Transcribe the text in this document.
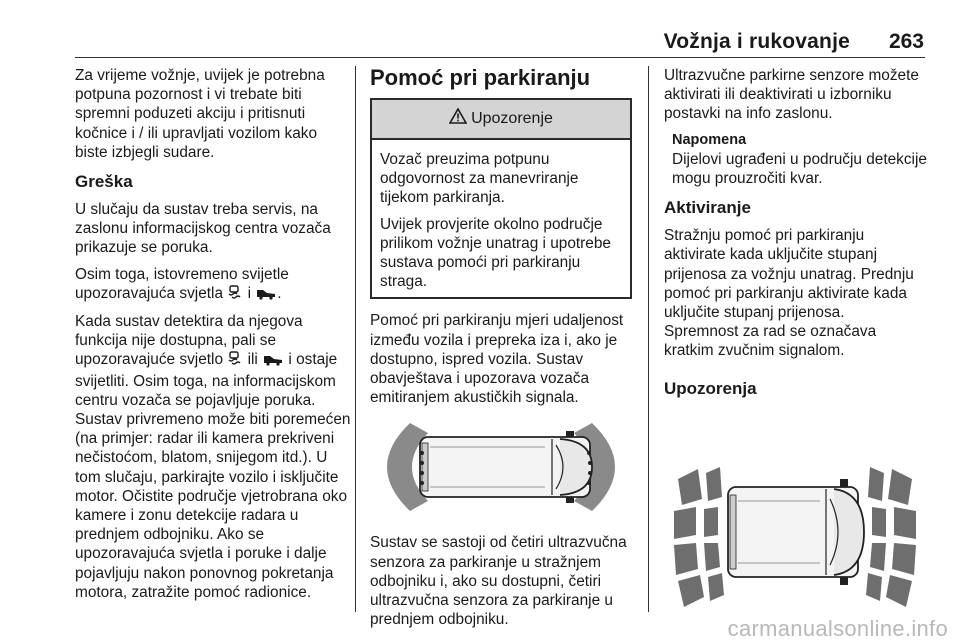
Vožnja i rukovanje 263

Za vrijeme vožnje, uvijek je potrebna potpuna pozornost i vi trebate biti spremni poduzeti akciju i pritisnuti kočnice i / ili upravljati vozilom kako biste izbjegli sudare.

Greška

U slučaju da sustav treba servis, na zaslonu informacijskog centra vozača prikazuje se poruka.

Osim toga, istovremeno svijetle upozoravajuća svjetla i .

Kada sustav detektira da njegova funkcija nije dostupna, pali se upozoravajuće svjetlo ili i ostaje svijetliti. Osim toga, na informacijskom centru vozača se pojavljuje poruka. Sustav privremeno može biti poremećen (na primjer: radar ili kamera prekriveni nečistoćom, blatom, snijegom itd.). U tom slučaju, parkirajte vozilo i isključite motor. Očistite područje vjetrobrana oko kamere i zonu detekcije radara u prednjem odbojniku. Ako se upozoravajuća svjetla i poruke i dalje pojavljuju nakon ponovnog pokretanja motora, zatražite pomoć radionice.

Pomoć pri parkiranju
Upozorenje

Vozač preuzima potpunu odgovornost za manevriranje tijekom parkiranja.

Uvijek provjerite okolno područje prilikom vožnje unatrag i upotrebe sustava pomoći pri parkiranju straga.

Pomoć pri parkiranju mjeri udaljenost između vozila i prepreka iza i, ako je dostupno, ispred vozila. Sustav obavještava i upozorava vozača emitiranjem akustičkih signala.

Sustav se sastoji od četiri ultrazvučna senzora za parkiranje u stražnjem odbojniku i, ako su dostupni, četiri ultrazvučna senzora za parkiranje u prednjem odbojniku.

Ultrazvučne parkirne senzore možete aktivirati ili deaktivirati u izborniku postavki na info zaslonu.

Napomena
Dijelovi ugrađeni u području detekcije mogu prouzročiti kvar.
Aktiviranje

Stražnju pomoć pri parkiranju aktivirate kada uključite stupanj prijenosa za vožnju unatrag. Prednju pomoć pri parkiranju aktivirate kada uključite stupanj prijenosa.

Spremnost za rad se označava kratkim zvučnim signalom.

Upozorenja
carmanualsonline.info
